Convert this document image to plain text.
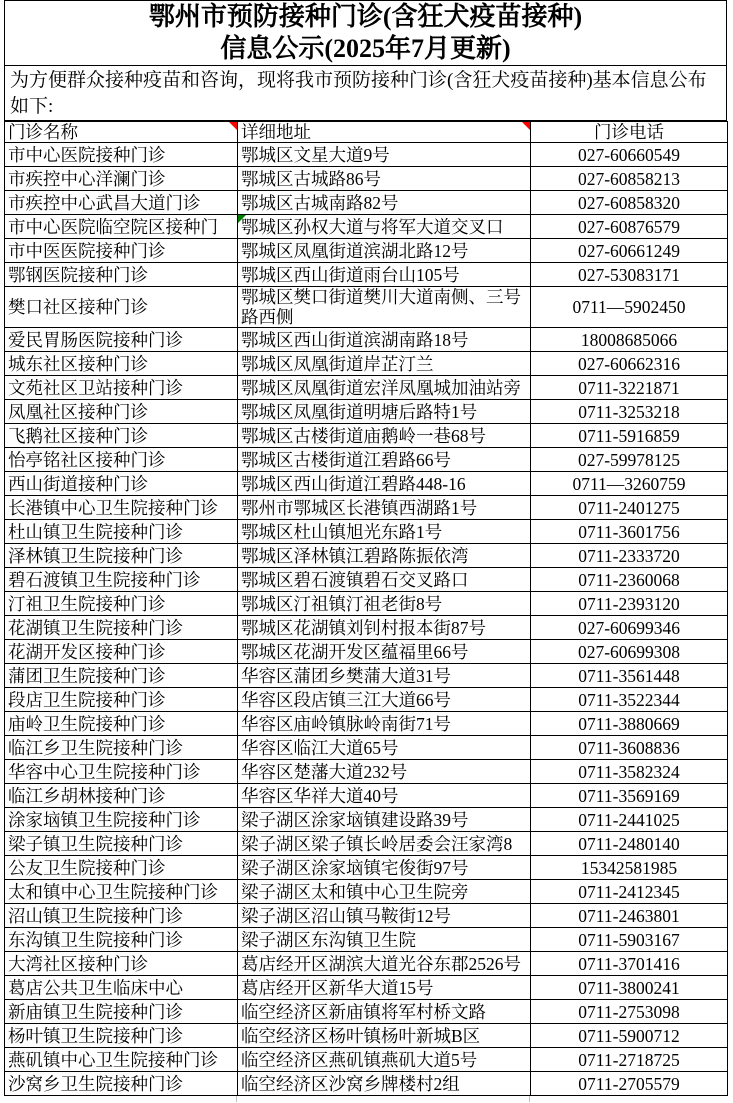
鄂州市预防接种门诊(含狂犬疫苗接种)
信息公示(2025年7月更新)
为方便群众接种疫苗和咨询，现将我市预防接种门诊(含狂犬疫苗接种)基本信息公布如下:
门诊名称	详细地址	门诊电话
市中心医院接种门诊	鄂城区文星大道9号	027-60660549
市疾控中心洋澜门诊	鄂城区古城路86号	027-60858213
市疾控中心武昌大道门诊	鄂城区古城南路82号	027-60858320
市中心医院临空院区接种门	鄂城区孙权大道与将军大道交叉口	027-60876579
市中医医院接种门诊	鄂城区凤凰街道滨湖北路12号	027-60661249
鄂钢医院接种门诊	鄂城区西山街道雨台山105号	027-53083171
樊口社区接种门诊	鄂城区樊口街道樊川大道南侧、三号路西侧	0711—5902450
爱民胃肠医院接种门诊	鄂城区西山街道滨湖南路18号	18008685066
城东社区接种门诊	鄂城区凤凰街道岸芷汀兰	027-60662316
文苑社区卫站接种门诊	鄂城区凤凰街道宏洋凤凰城加油站旁	0711-3221871
凤凰社区接种门诊	鄂城区凤凰街道明塘后路特1号	0711-3253218
飞鹅社区接种门诊	鄂城区古楼街道庙鹅岭一巷68号	0711-5916859
怡亭铭社区接种门诊	鄂城区古楼街道江碧路66号	027-59978125
西山街道接种门诊	鄂城区西山街道江碧路448-16	0711—3260759
长港镇中心卫生院接种门诊	鄂州市鄂城区长港镇西湖路1号	0711-2401275
杜山镇卫生院接种门诊	鄂城区杜山镇旭光东路1号	0711-3601756
泽林镇卫生院接种门诊	鄂城区泽林镇江碧路陈振依湾	0711-2333720
碧石渡镇卫生院接种门诊	鄂城区碧石渡镇碧石交叉路口	0711-2360068
汀祖卫生院接种门诊	鄂城区汀祖镇汀祖老街8号	0711-2393120
花湖镇卫生院接种门诊	鄂城区花湖镇刘钊村报本街87号	027-60699346
花湖开发区接种门诊	鄂城区花湖开发区蕴福里66号	027-60699308
蒲团卫生院接种门诊	华容区蒲团乡樊蒲大道31号	0711-3561448
段店卫生院接种门诊	华容区段店镇三江大道66号	0711-3522344
庙岭卫生院接种门诊	华容区庙岭镇脉岭南街71号	0711-3880669
临江乡卫生院接种门诊	华容区临江大道65号	0711-3608836
华容中心卫生院接种门诊	华容区楚藩大道232号	0711-3582324
临江乡胡林接种门诊	华容区华祥大道40号	0711-3569169
涂家垴镇卫生院接种门诊	梁子湖区涂家垴镇建设路39号	0711-2441025
梁子镇卫生院接种门诊	梁子湖区梁子镇长岭居委会汪家湾8	0711-2480140
公友卫生院接种门诊	梁子湖区涂家垴镇宅俊街97号	15342581985
太和镇中心卫生院接种门诊	梁子湖区太和镇中心卫生院旁	0711-2412345
沼山镇卫生院接种门诊	梁子湖区沼山镇马鞍街12号	0711-2463801
东沟镇卫生院接种门诊	梁子湖区东沟镇卫生院	0711-5903167
大湾社区接种门诊	葛店经开区湖滨大道光谷东郡2526号	0711-3701416
葛店公共卫生临床中心	葛店经开区新华大道15号	0711-3800241
新庙镇卫生院接种门诊	临空经济区新庙镇将军村桥文路	0711-2753098
杨叶镇卫生院接种门诊	临空经济区杨叶镇杨叶新城B区	0711-5900712
燕矶镇中心卫生院接种门诊	临空经济区燕矶镇燕矶大道5号	0711-2718725
沙窝乡卫生院接种门诊	临空经济区沙窝乡牌楼村2组	0711-2705579
